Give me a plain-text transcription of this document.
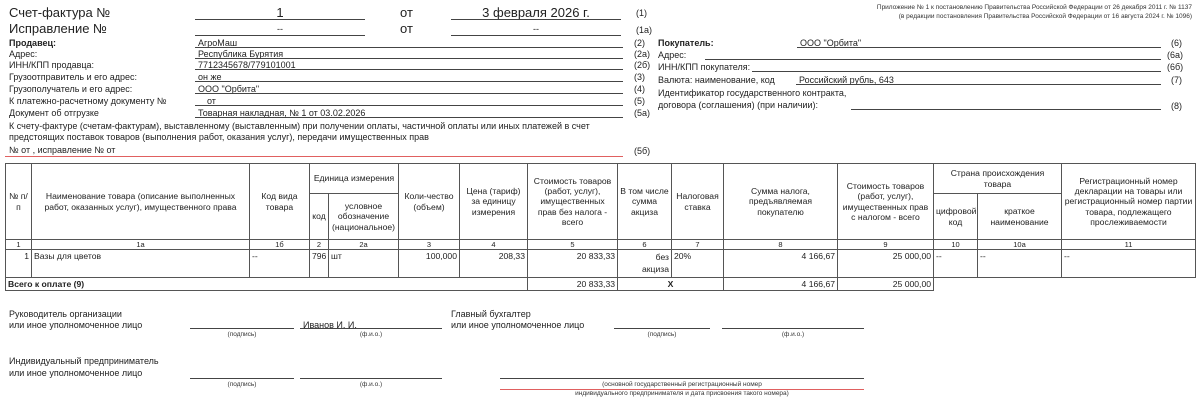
Счет-фактура №	1	от	3 февраля 2026 г.	(1)
Исправление №	--	от	--	(1а)
Приложение № 1 к постановлению Правительства Российской Федерации от 26 декабря 2011 г. № 1137
(в редакции постановления Правительства Российской Федерации от 16 августа 2024 г. № 1096)
Продавец:	АгроМаш	(2)
Адрес:	Республика Бурятия	(2а)
ИНН/КПП продавца:	7712345678/779101001	(2б)
Грузоотправитель и его адрес:	он же	(3)
Грузополучатель и его адрес:	ООО "Орбита"	(4)
К платежно-расчетному документу №	от	(5)
Документ об отгрузке	Товарная накладная, № 1 от 03.02.2026	(5а)
Покупатель:	ООО "Орбита"	(6)
Адрес:	(6а)
ИНН/КПП покупателя:	(6б)
Валюта: наименование, код	Российский рубль, 643	(7)
Идентификатор государственного контракта,
договора (соглашения) (при наличии):	(8)
К счету-фактуре (счетам-фактурам), выставленному (выставленным) при получении оплаты, частичной оплаты или иных платежей в счет
предстоящих поставок товаров (выполнения работ, оказания услуг), передачи имущественных прав
№ от , исправление № от	(5б)
№ п/п	Наименование товара (описание выполненных работ, оказанных услуг), имущественного права	Код вида товара	Единица измерения		Коли-чество (объем)	Цена (тариф) за единицу измерения	Стоимость товаров (работ, услуг), имущественных прав без налога - всего	В том числе сумма акциза	Налоговая ставка	Сумма налога, предъявляемая покупателю	Стоимость товаров (работ, услуг), имущественных прав с налогом - всего	Страна происхождения товара		Регистрационный номер декларации на товары или регистрационный номер партии товара, подлежащего прослеживаемости
			код	условное обозначение (национальное)								цифровой код	краткое наименование	
1	1а	1б	2	2а	3	4	5	6	7	8	9	10	10а	11
1	Вазы для цветов	--	796	шт	100,000	208,33	20 833,33	без акциза	20%	4 166,67	25 000,00	--	--	--
Всего к оплате (9)							20 833,33	X		4 166,67	25 000,00			
Руководитель организации
или иное уполномоченное лицо
(подпись)
Иванов И. И.
(ф.и.о.)
Главный бухгалтер
или иное уполномоченное лицо
(подпись)	(ф.и.о.)
Индивидуальный предприниматель
или иное уполномоченное лицо
(подпись)	(ф.и.о.)	(основной государственный регистрационный номер
индивидуального предпринимателя и дата присвоения такого номера)
